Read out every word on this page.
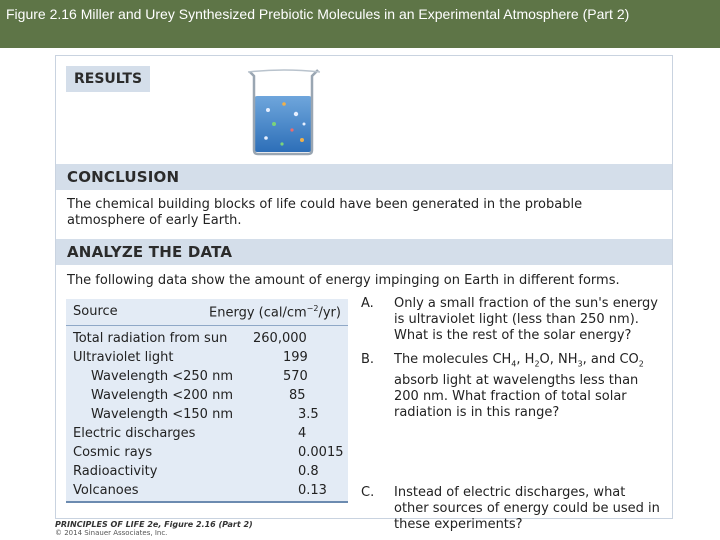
Figure 2.16 Miller and Urey Synthesized Prebiotic Molecules in an Experimental Atmosphere (Part 2)
RESULTS
CONCLUSION
The chemical building blocks of life could have been generated in the probable atmosphere of early Earth.
ANALYZE THE DATA
The following data show the amount of energy impinging on Earth in different forms.
Source	Energy $(cal/cm^{-2}/yr)$
Total radiation from sun 260,000
Ultraviolet light	199
Wavelength <250 nm	570
Wavelength <200 nm	85
Wavelength <150 nm	3.5
Electric discharges	4
Cosmic rays	0.0015
Radioactivity	0.8
Volcanoes	0.13
A.	Only a small fraction of the sun's energy is ultraviolet light (less than 250 nm). What is the rest of the solar energy?
B.	The molecules $CH_4$, $H_2O$, $NH_3$, and $CO_2$ absorb light at wavelengths less than 200 nm. What fraction of total solar radiation is in this range?
C.	Instead of electric discharges, what other sources of energy could be used in these experiments?
PRINCIPLES OF LIFE 2e, Figure 2.16 (Part 2)
© 2014 Sinauer Associates, Inc.
